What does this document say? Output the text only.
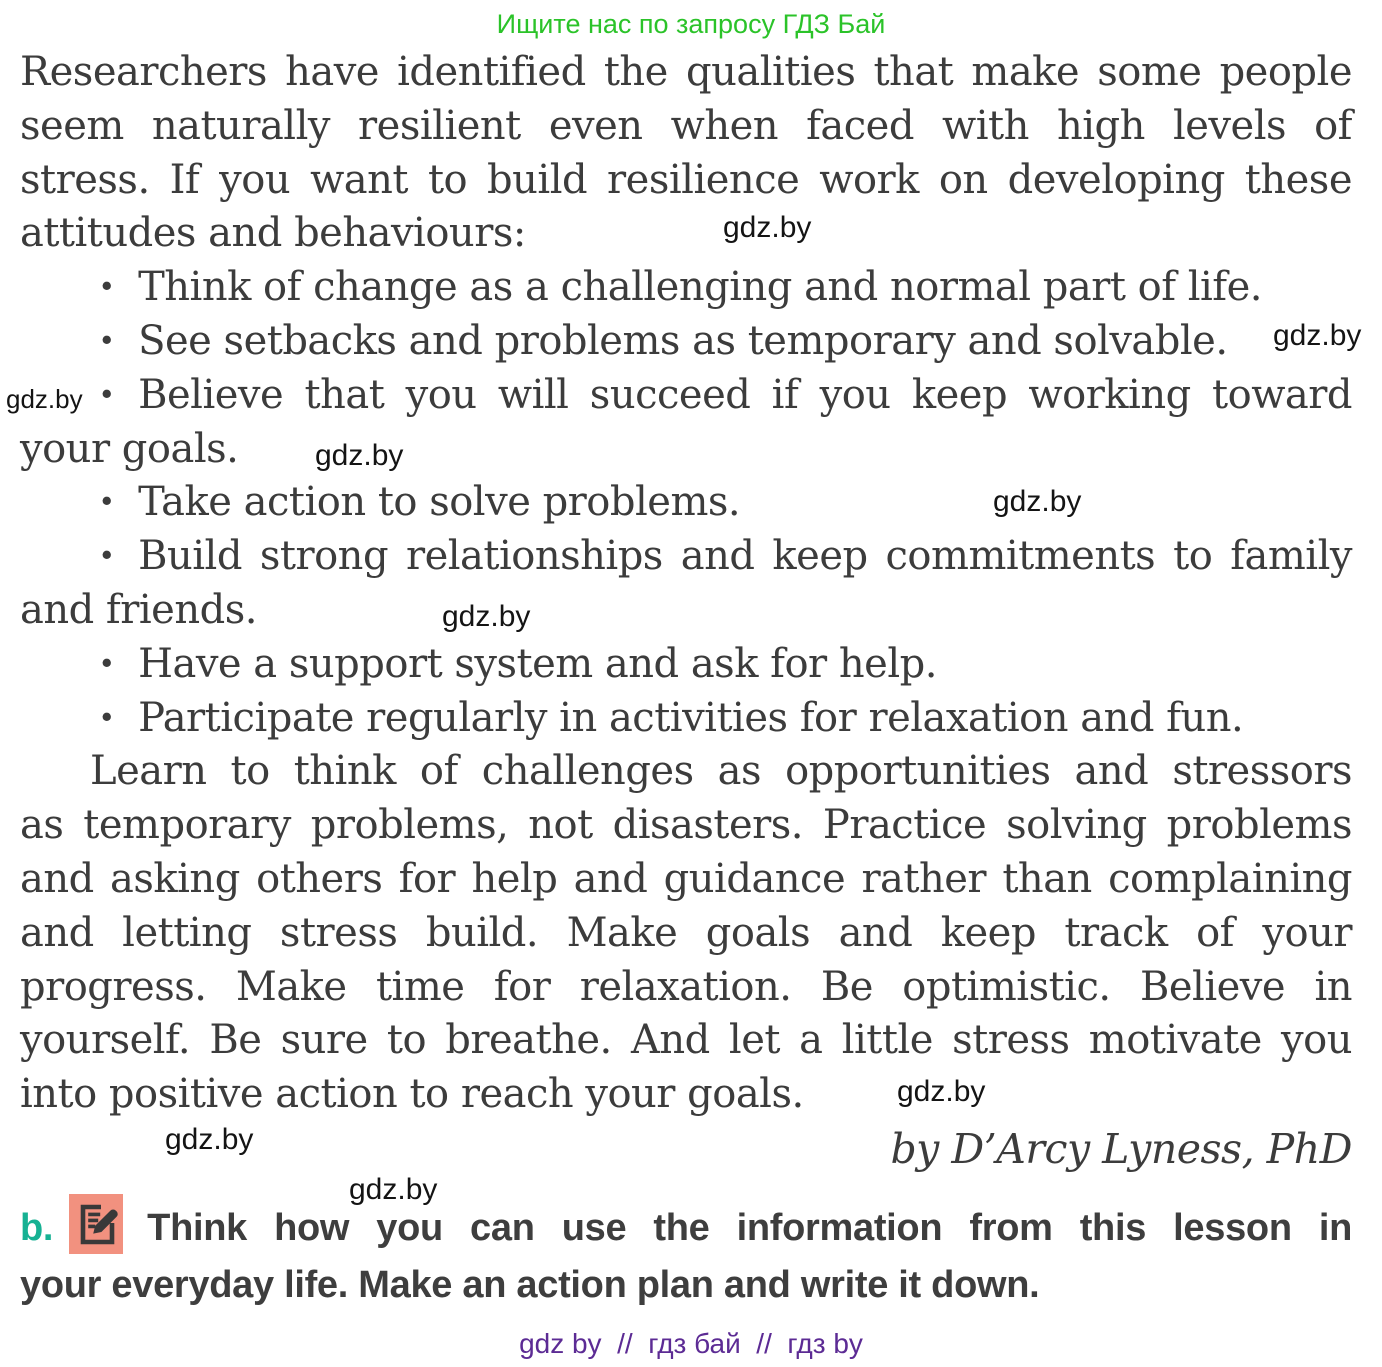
Ищите нас по запросу ГДЗ Бай
Researchers have identified the qualities that make some people
seem naturally resilient even when faced with high levels of
stress. If you want to build resilience work on developing these
attitudes and behaviours:
• Think of change as a challenging and normal part of life.
• See setbacks and problems as temporary and solvable.
• Believe that you will succeed if you keep working toward
your goals.
• Take action to solve problems.
• Build strong relationships and keep commitments to family
and friends.
• Have a support system and ask for help.
• Participate regularly in activities for relaxation and fun.
Learn to think of challenges as opportunities and stressors
as temporary problems, not disasters. Practice solving problems
and asking others for help and guidance rather than complaining
and letting stress build. Make goals and keep track of your
progress. Make time for relaxation. Be optimistic. Believe in
yourself. Be sure to breathe. And let a little stress motivate you
into positive action to reach your goals.
by D’Arcy Lyness, PhD
b. Think how you can use the information from this lesson in
your everyday life. Make an action plan and write it down.
gdz by  //  гдз бай  //  гдз by
gdz.by
gdz.by
gdz.by
gdz.by
gdz.by
gdz.by
gdz.by
gdz.by
gdz.by
